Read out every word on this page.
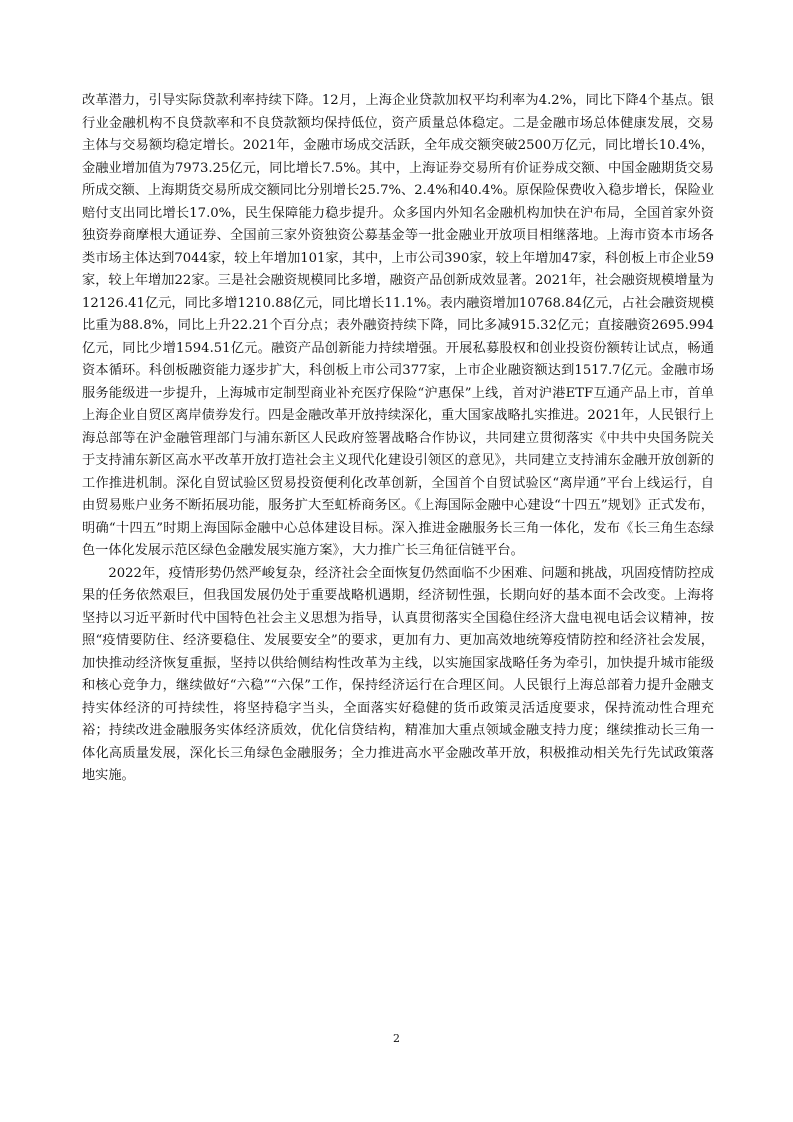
改革潜力，引导实际贷款利率持续下降。12月，上海企业贷款加权平均利率为4.2%，同比下降4个基点。银行业金融机构不良贷款率和不良贷款额均保持低位，资产质量总体稳定。二是金融市场总体健康发展，交易主体与交易额均稳定增长。2021年，金融市场成交活跃，全年成交额突破2500万亿元，同比增长10.4%，金融业增加值为7973.25亿元，同比增长7.5%。其中，上海证券交易所有价证券成交额、中国金融期货交易所成交额、上海期货交易所成交额同比分别增长25.7%、2.4%和40.4%。原保险保费收入稳步增长，保险业赔付支出同比增长17.0%，民生保障能力稳步提升。众多国内外知名金融机构加快在沪布局，全国首家外资独资券商摩根大通证券、全国前三家外资独资公募基金等一批金融业开放项目相继落地。上海市资本市场各类市场主体达到7044家，较上年增加101家，其中，上市公司390家，较上年增加47家，科创板上市企业59家，较上年增加22家。三是社会融资规模同比多增，融资产品创新成效显著。2021年，社会融资规模增量为12126.41亿元，同比多增1210.88亿元，同比增长11.1%。表内融资增加10768.84亿元，占社会融资规模比重为88.8%，同比上升22.21个百分点；表外融资持续下降，同比多减915.32亿元；直接融资2695.994亿元，同比少增1594.51亿元。融资产品创新能力持续增强。开展私募股权和创业投资份额转让试点，畅通资本循环。科创板融资能力逐步扩大，科创板上市公司377家，上市企业融资额达到1517.7亿元。金融市场服务能级进一步提升，上海城市定制型商业补充医疗保险“沪惠保”上线，首对沪港ETF互通产品上市，首单上海企业自贸区离岸债券发行。四是金融改革开放持续深化，重大国家战略扎实推进。2021年，人民银行上海总部等在沪金融管理部门与浦东新区人民政府签署战略合作协议，共同建立贯彻落实《中共中央国务院关于支持浦东新区高水平改革开放打造社会主义现代化建设引领区的意见》，共同建立支持浦东金融开放创新的工作推进机制。深化自贸试验区贸易投资便利化改革创新，全国首个自贸试验区“离岸通”平台上线运行，自由贸易账户业务不断拓展功能，服务扩大至虹桥商务区。《上海国际金融中心建设“十四五”规划》正式发布，明确“十四五”时期上海国际金融中心总体建设目标。深入推进金融服务长三角一体化，发布《长三角生态绿色一体化发展示范区绿色金融发展实施方案》，大力推广长三角征信链平台。

2022年，疫情形势仍然严峻复杂，经济社会全面恢复仍然面临不少困难、问题和挑战，巩固疫情防控成果的任务依然艰巨，但我国发展仍处于重要战略机遇期，经济韧性强，长期向好的基本面不会改变。上海将坚持以习近平新时代中国特色社会主义思想为指导，认真贯彻落实全国稳住经济大盘电视电话会议精神，按照“疫情要防住、经济要稳住、发展要安全”的要求，更加有力、更加高效地统筹疫情防控和经济社会发展，加快推动经济恢复重振，坚持以供给侧结构性改革为主线，以实施国家战略任务为牵引，加快提升城市能级和核心竞争力，继续做好“六稳”“六保”工作，保持经济运行在合理区间。人民银行上海总部着力提升金融支持实体经济的可持续性，将坚持稳字当头，全面落实好稳健的货币政策灵活适度要求，保持流动性合理充裕；持续改进金融服务实体经济质效，优化信贷结构，精准加大重点领域金融支持力度；继续推动长三角一体化高质量发展，深化长三角绿色金融服务；全力推进高水平金融改革开放，积极推动相关先行先试政策落地实施。

2
